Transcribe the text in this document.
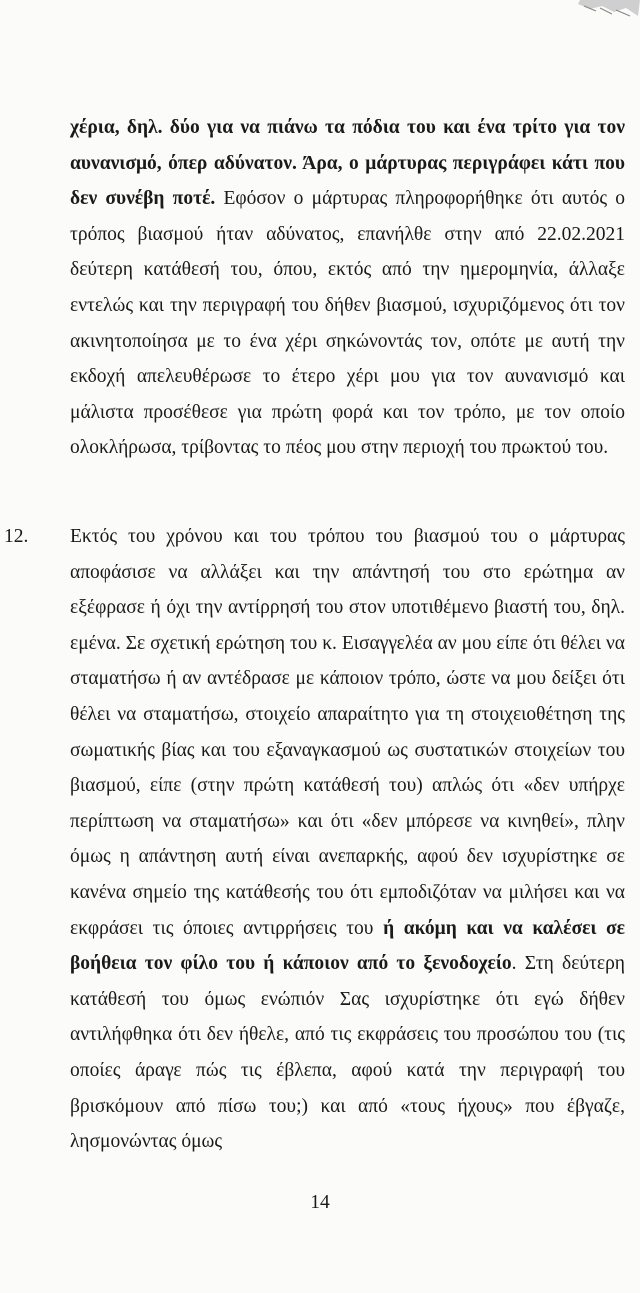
χέρια, δηλ. δύο για να πιάνω τα πόδια του και ένα τρίτο για τον αυνανισμό, όπερ αδύνατον. Άρα, ο μάρτυρας περιγράφει κάτι που δεν συνέβη ποτέ. Εφόσον ο μάρτυρας πληροφορήθηκε ότι αυτός ο τρόπος βιασμού ήταν αδύνατος, επανήλθε στην από 22.02.2021 δεύτερη κατάθεσή του, όπου, εκτός από την ημερομηνία, άλλαξε εντελώς και την περιγραφή του δήθεν βιασμού, ισχυριζόμενος ότι τον ακινητοποίησα με το ένα χέρι σηκώνοντάς τον, οπότε με αυτή την εκδοχή απελευθέρωσε το έτερο χέρι μου για τον αυνανισμό και μάλιστα προσέθεσε για πρώτη φορά και τον τρόπο, με τον οποίο ολοκλήρωσα, τρίβοντας το πέος μου στην περιοχή του πρωκτού του.

12. Εκτός του χρόνου και του τρόπου του βιασμού του ο μάρτυρας αποφάσισε να αλλάξει και την απάντησή του στο ερώτημα αν εξέφρασε ή όχι την αντίρρησή του στον υποτιθέμενο βιαστή του, δηλ. εμένα. Σε σχετική ερώτηση του κ. Εισαγγελέα αν μου είπε ότι θέλει να σταματήσω ή αν αντέδρασε με κάποιον τρόπο, ώστε να μου δείξει ότι θέλει να σταματήσω, στοιχείο απαραίτητο για τη στοιχειοθέτηση της σωματικής βίας και του εξαναγκασμού ως συστατικών στοιχείων του βιασμού, είπε (στην πρώτη κατάθεσή του) απλώς ότι «δεν υπήρχε περίπτωση να σταματήσω» και ότι «δεν μπόρεσε να κινηθεί», πλην όμως η απάντηση αυτή είναι ανεπαρκής, αφού δεν ισχυρίστηκε σε κανένα σημείο της κατάθεσής του ότι εμποδιζόταν να μιλήσει και να εκφράσει τις όποιες αντιρρήσεις του ή ακόμη και να καλέσει σε βοήθεια τον φίλο του ή κάποιον από το ξενοδοχείο. Στη δεύτερη κατάθεσή του όμως ενώπιόν Σας ισχυρίστηκε ότι εγώ δήθεν αντιλήφθηκα ότι δεν ήθελε, από τις εκφράσεις του προσώπου του (τις οποίες άραγε πώς τις έβλεπα, αφού κατά την περιγραφή του βρισκόμουν από πίσω του;) και από «τους ήχους» που έβγαζε, λησμονώντας όμως

14
